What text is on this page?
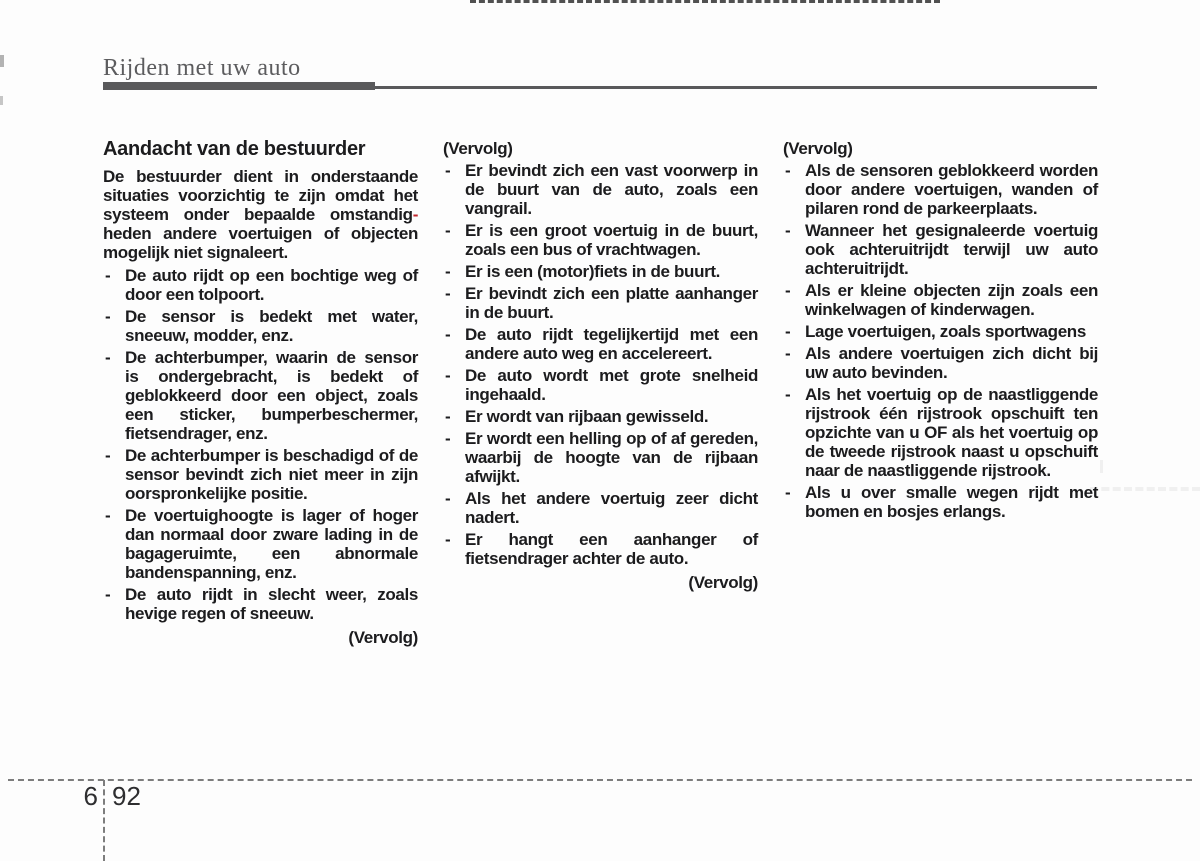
Rijden met uw auto
Aandacht van de bestuurder

De bestuurder dient in onderstaande situaties voorzichtig te zijn omdat het systeem onder bepaalde omstandig-heden andere voertuigen of objecten mogelijk niet signaleert.

- De auto rijdt op een bochtige weg of door een tolpoort.
- De sensor is bedekt met water, sneeuw, modder, enz.
- De achterbumper, waarin de sensor is ondergebracht, is bedekt of geblokkeerd door een object, zoals een sticker, bumperbeschermer, fietsendrager, enz.
- De achterbumper is beschadigd of de sensor bevindt zich niet meer in zijn oorspronkelijke positie.
- De voertuighoogte is lager of hoger dan normaal door zware lading in de bagageruimte, een abnormale bandenspanning, enz.
- De auto rijdt in slecht weer, zoals hevige regen of sneeuw.

(Vervolg)

(Vervolg)
- Er bevindt zich een vast voorwerp in de buurt van de auto, zoals een vangrail.
- Er is een groot voertuig in de buurt, zoals een bus of vrachtwagen.
- Er is een (motor)fiets in de buurt.
- Er bevindt zich een platte aanhanger in de buurt.
- De auto rijdt tegelijkertijd met een andere auto weg en accelereert.
- De auto wordt met grote snelheid ingehaald.
- Er wordt van rijbaan gewisseld.
- Er wordt een helling op of af gereden, waarbij de hoogte van de rijbaan afwijkt.
- Als het andere voertuig zeer dicht nadert.
- Er hangt een aanhanger of fietsendrager achter de auto.

(Vervolg)

(Vervolg)
- Als de sensoren geblokkeerd worden door andere voertuigen, wanden of pilaren rond de parkeerplaats.
- Wanneer het gesignaleerde voertuig ook achteruitrijdt terwijl uw auto achteruitrijdt.
- Als er kleine objecten zijn zoals een winkelwagen of kinderwagen.
- Lage voertuigen, zoals sportwagens
- Als andere voertuigen zich dicht bij uw auto bevinden.
- Als het voertuig op de naastliggende rijstrook één rijstrook opschuift ten opzichte van u OF als het voertuig op de tweede rijstrook naast u opschuift naar de naastliggende rijstrook.
- Als u over smalle wegen rijdt met bomen en bosjes erlangs.
6 92
